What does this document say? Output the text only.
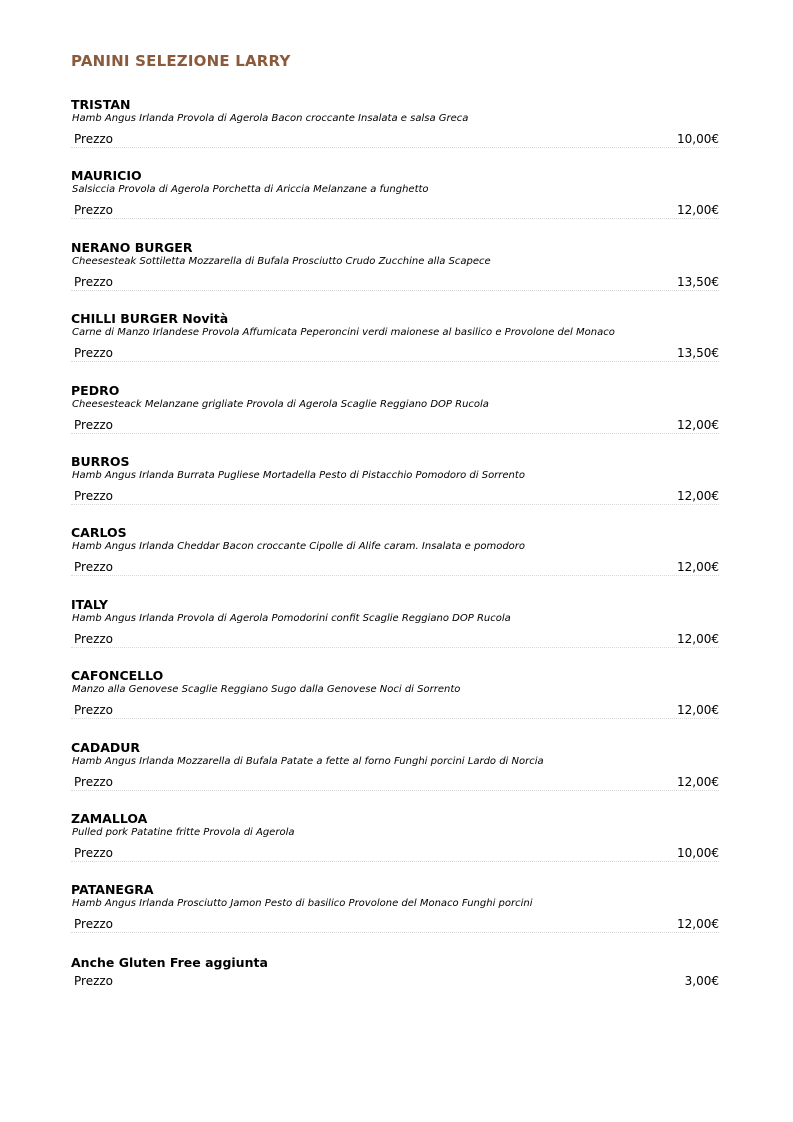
PANINI SELEZIONE LARRY
TRISTAN
Hamb Angus Irlanda Provola di Agerola Bacon croccante Insalata e salsa Greca
Prezzo	10,00€
MAURICIO
Salsiccia Provola di Agerola Porchetta di Ariccia Melanzane a funghetto
Prezzo	12,00€
NERANO BURGER
Cheesesteak Sottiletta Mozzarella di Bufala Prosciutto Crudo Zucchine alla Scapece
Prezzo	13,50€
CHILLI BURGER Novità
Carne di Manzo Irlandese Provola Affumicata Peperoncini verdi maionese al basilico e Provolone del Monaco
Prezzo	13,50€
PEDRO
Cheesesteack Melanzane grigliate Provola di Agerola Scaglie Reggiano DOP Rucola
Prezzo	12,00€
BURROS
Hamb Angus Irlanda Burrata Pugliese Mortadella Pesto di Pistacchio Pomodoro di Sorrento
Prezzo	12,00€
CARLOS
Hamb Angus Irlanda Cheddar Bacon croccante Cipolle di Alife caram. Insalata e pomodoro
Prezzo	12,00€
ITALY
Hamb Angus Irlanda Provola di Agerola Pomodorini confit Scaglie Reggiano DOP Rucola
Prezzo	12,00€
CAFONCELLO
Manzo alla Genovese Scaglie Reggiano Sugo dalla Genovese Noci di Sorrento
Prezzo	12,00€
CADADUR
Hamb Angus Irlanda Mozzarella di Bufala Patate a fette al forno Funghi porcini Lardo di Norcia
Prezzo	12,00€
ZAMALLOA
Pulled pork Patatine fritte Provola di Agerola
Prezzo	10,00€
PATANEGRA
Hamb Angus Irlanda Prosciutto Jamon Pesto di basilico Provolone del Monaco Funghi porcini
Prezzo	12,00€
Anche Gluten Free aggiunta
Prezzo	3,00€
